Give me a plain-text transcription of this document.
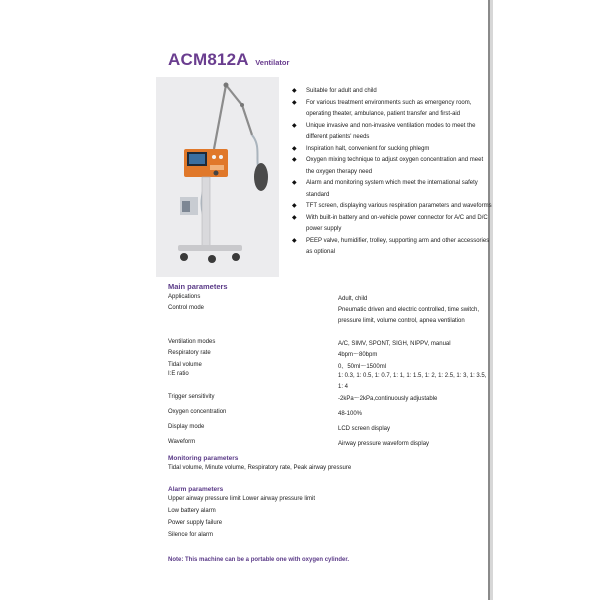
ACM812A Ventilator
◆ Suitable for adult and child
◆ For various treatment environments such as emergency room, operating theater, ambulance, patient transfer and first-aid
◆ Unique invasive and non-invasive ventilation modes to meet the different patients' needs
◆ Inspiration halt, convenient for sucking phlegm
◆ Oxygen mixing technique to adjust oxygen concentration and meet the oxygen therapy need
◆ Alarm and monitoring system which meet the international safety standard
◆ TFT screen, displaying various respiration parameters and waveforms
◆ With built-in battery and on-vehicle power connector for A/C and D/C power supply
◆ PEEP valve, humidifier, trolley, supporting arm and other accessories as optional
Main parameters
Applications	Adult, child
Control mode	Pneumatic driven and electric controlled, time switch, pressure limit, volume control, apnea ventilation
Ventilation modes	A/C, SIMV, SPONT, SIGH, NIPPV, manual
Respiratory rate	4bpm～80bpm
Tidal volume	0、50ml～1500ml
I:E ratio	1: 0.3, 1: 0.5, 1: 0.7, 1: 1, 1: 1.5, 1: 2, 1: 2.5, 1: 3, 1: 3.5, 1: 4
Trigger sensitivity	-2kPa～2kPa,continuously adjustable
Oxygen concentration	48-100%
Display mode	LCD screen display
Waveform	Airway pressure waveform display
Monitoring parameters
Tidal volume, Minute volume, Respiratory rate, Peak airway pressure
Alarm parameters
Upper airway pressure limit Lower airway pressure limit
Low battery alarm
Power supply failure
Silence for alarm
Note: This machine can be a portable one with oxygen cylinder.
